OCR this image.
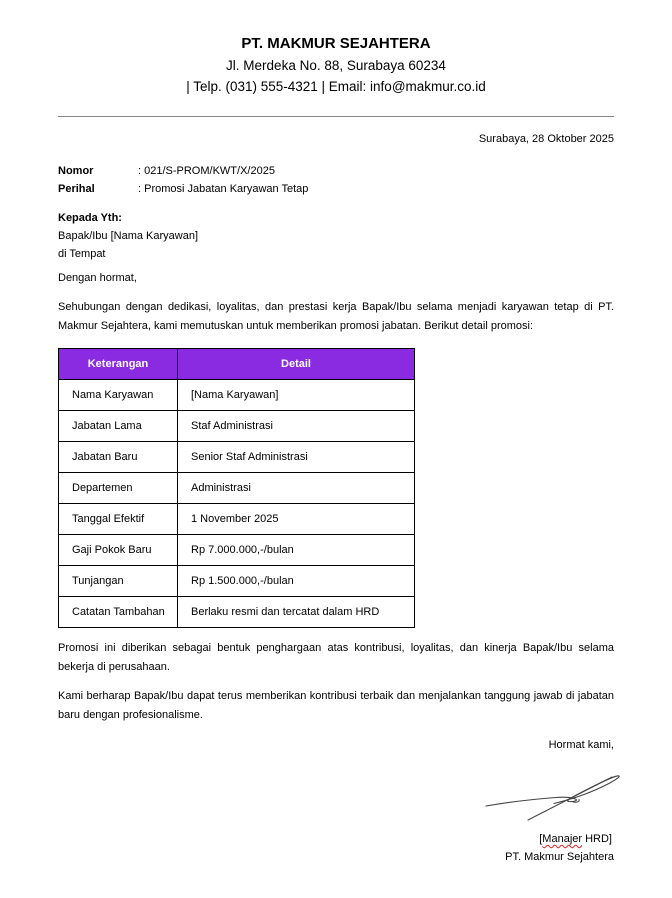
PT. MAKMUR SEJAHTERA
Jl. Merdeka No. 88, Surabaya 60234
| Telp. (031) 555-4321 | Email: info@makmur.co.id
Surabaya, 28 Oktober 2025
Nomor	: 021/S-PROM/KWT/X/2025
Perihal	: Promosi Jabatan Karyawan Tetap
Kepada Yth:
Bapak/Ibu [Nama Karyawan]
di Tempat
Dengan hormat,

Sehubungan dengan dedikasi, loyalitas, dan prestasi kerja Bapak/Ibu selama menjadi karyawan tetap di PT. Makmur Sejahtera, kami memutuskan untuk memberikan promosi jabatan. Berikut detail promosi:

Keterangan	Detail
Nama Karyawan	[Nama Karyawan]
Jabatan Lama	Staf Administrasi
Jabatan Baru	Senior Staf Administrasi
Departemen	Administrasi
Tanggal Efektif	1 November 2025
Gaji Pokok Baru	Rp 7.000.000,-/bulan
Tunjangan	Rp 1.500.000,-/bulan
Catatan Tambahan	Berlaku resmi dan tercatat dalam HRD

Promosi ini diberikan sebagai bentuk penghargaan atas kontribusi, loyalitas, dan kinerja Bapak/Ibu selama bekerja di perusahaan.

Kami berharap Bapak/Ibu dapat terus memberikan kontribusi terbaik dan menjalankan tanggung jawab di jabatan baru dengan profesionalisme.

Hormat kami,
[Manajer HRD]
PT. Makmur Sejahtera
